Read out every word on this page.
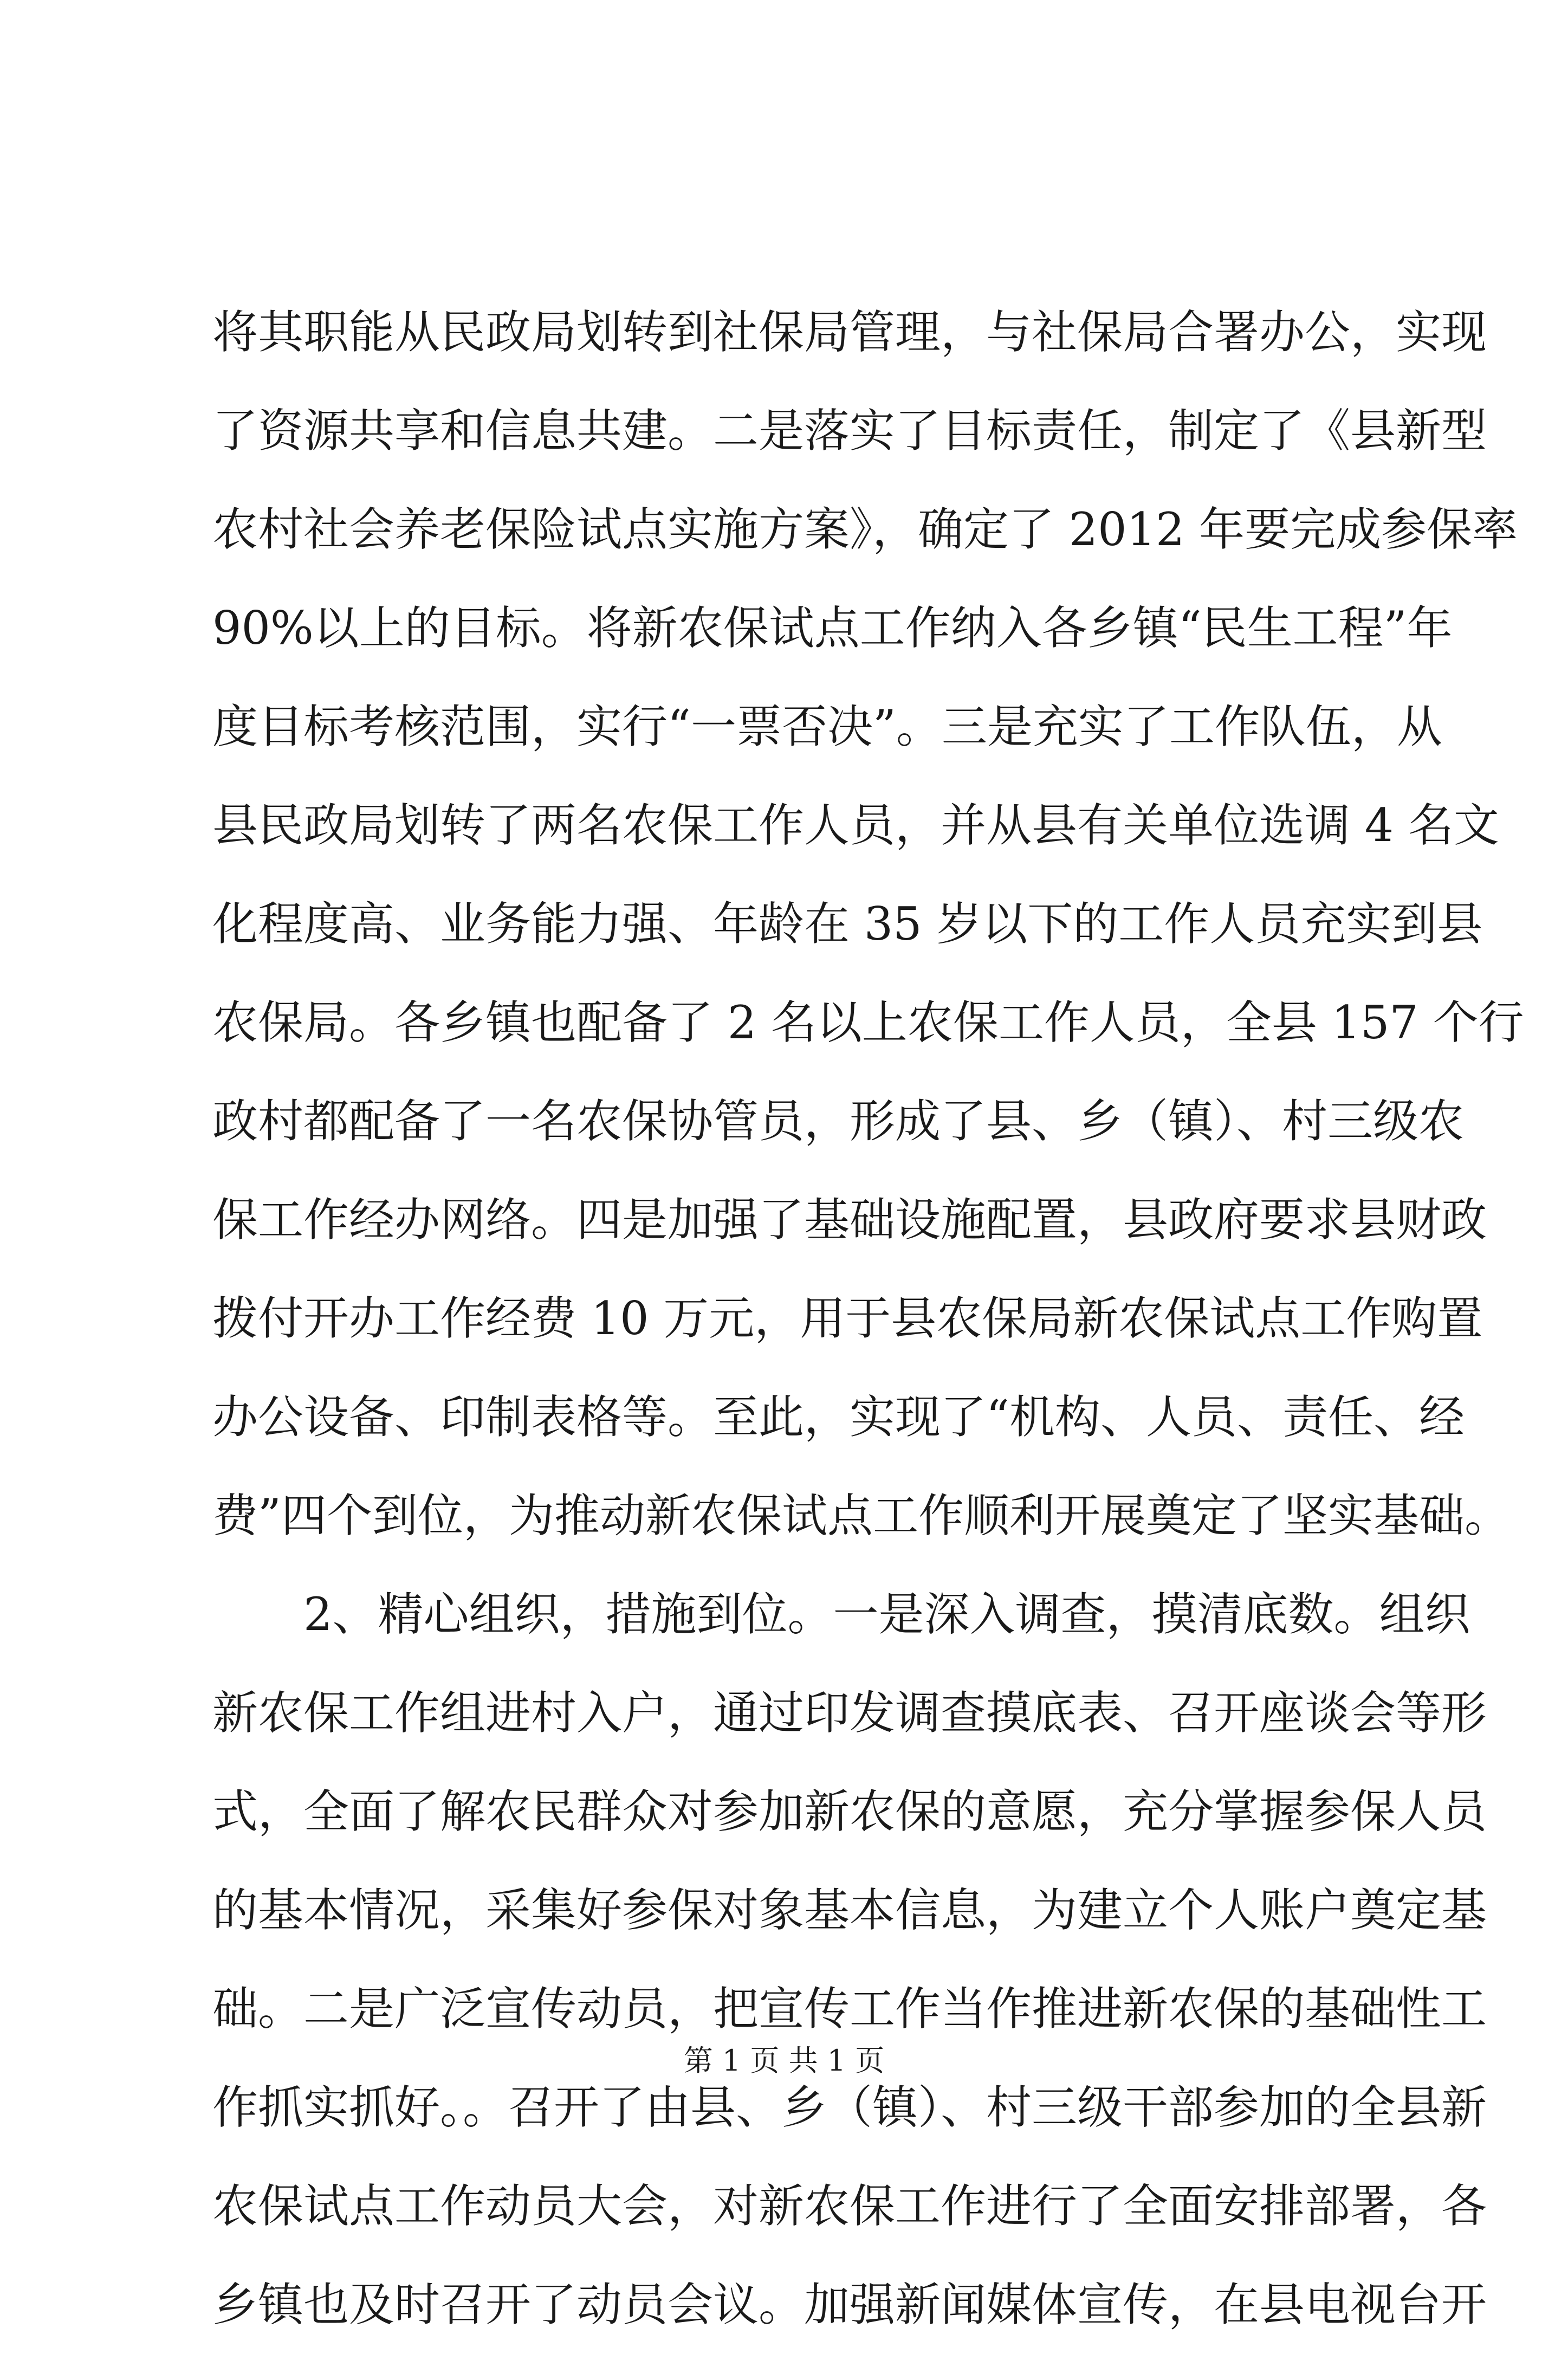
将其职能从民政局划转到社保局管理，与社保局合署办公，实现
了资源共享和信息共建。二是落实了目标责任，制定了《县新型
农村社会养老保险试点实施方案》，确定了 2012 年要完成参保率
90%以上的目标。将新农保试点工作纳入各乡镇“民生工程”年
度目标考核范围，实行“一票否决”。三是充实了工作队伍，从
县民政局划转了两名农保工作人员，并从县有关单位选调 4 名文
化程度高、业务能力强、年龄在 35 岁以下的工作人员充实到县
农保局。各乡镇也配备了 2 名以上农保工作人员，全县 157 个行
政村都配备了一名农保协管员，形成了县、乡（镇）、村三级农
保工作经办网络。四是加强了基础设施配置，县政府要求县财政
拨付开办工作经费 10 万元，用于县农保局新农保试点工作购置
办公设备、印制表格等。至此，实现了“机构、人员、责任、经
费”四个到位，为推动新农保试点工作顺利开展奠定了坚实基础。
　　2、精心组织，措施到位。一是深入调查，摸清底数。组织
新农保工作组进村入户，通过印发调查摸底表、召开座谈会等形
式，全面了解农民群众对参加新农保的意愿，充分掌握参保人员
的基本情况，采集好参保对象基本信息，为建立个人账户奠定基
础。二是广泛宣传动员，把宣传工作当作推进新农保的基础性工
作抓实抓好。。召开了由县、乡（镇）、村三级干部参加的全县新
农保试点工作动员大会，对新农保工作进行了全面安排部署，各
乡镇也及时召开了动员会议。加强新闻媒体宣传，在县电视台开
第 1 页 共 1 页
